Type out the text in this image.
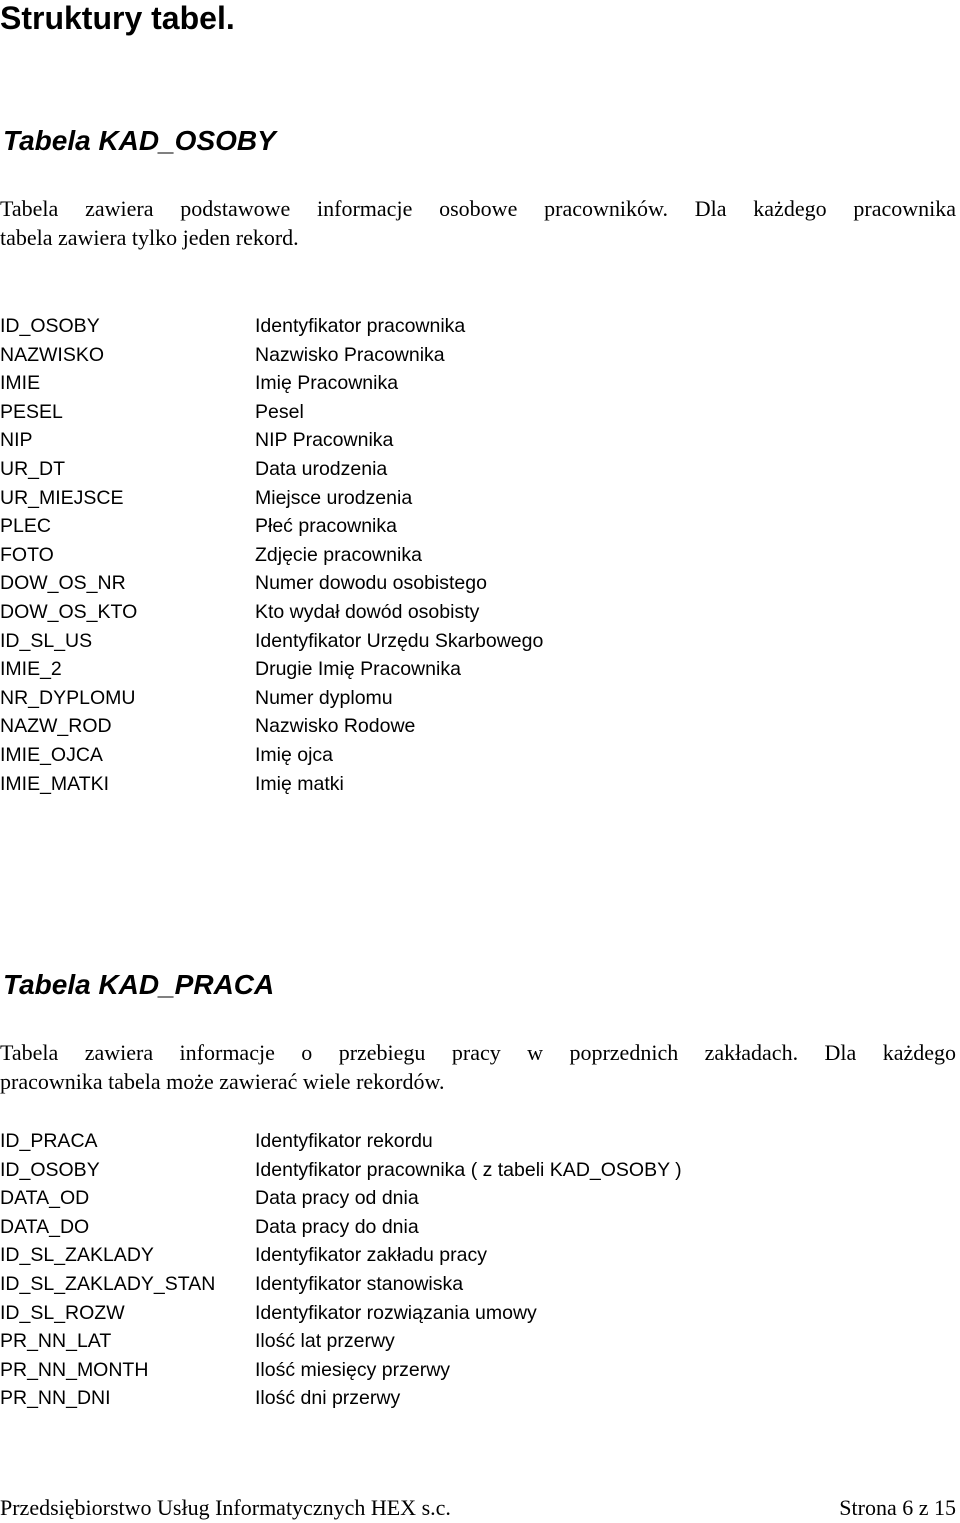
Struktury tabel.
Tabela KAD_OSOBY
Tabela zawiera podstawowe informacje osobowe pracowników. Dla każdego pracownika
tabela zawiera tylko jeden rekord.
ID_OSOBY	Identyfikator pracownika
NAZWISKO	Nazwisko Pracownika
IMIE	Imię Pracownika
PESEL	Pesel
NIP	NIP Pracownika
UR_DT	Data urodzenia
UR_MIEJSCE	Miejsce urodzenia
PLEC	Płeć pracownika
FOTO	Zdjęcie pracownika
DOW_OS_NR	Numer dowodu osobistego
DOW_OS_KTO	Kto wydał dowód osobisty
ID_SL_US	Identyfikator Urzędu Skarbowego
IMIE_2	Drugie Imię Pracownika
NR_DYPLOMU	Numer dyplomu
NAZW_ROD	Nazwisko Rodowe
IMIE_OJCA	Imię ojca
IMIE_MATKI	Imię matki
Tabela KAD_PRACA
Tabela zawiera informacje o przebiegu pracy w poprzednich zakładach. Dla każdego
pracownika tabela może zawierać wiele rekordów.
ID_PRACA	Identyfikator rekordu
ID_OSOBY	Identyfikator pracownika ( z tabeli KAD_OSOBY )
DATA_OD	Data pracy od dnia
DATA_DO	Data pracy do dnia
ID_SL_ZAKLADY	Identyfikator zakładu pracy
ID_SL_ZAKLADY_STAN Identyfikator stanowiska
ID_SL_ROZW	Identyfikator rozwiązania umowy
PR_NN_LAT	Ilość lat przerwy
PR_NN_MONTH	Ilość miesięcy przerwy
PR_NN_DNI	Ilość dni przerwy
Przedsiębiorstwo Usług Informatycznych HEX s.c.	Strona 6 z 15
